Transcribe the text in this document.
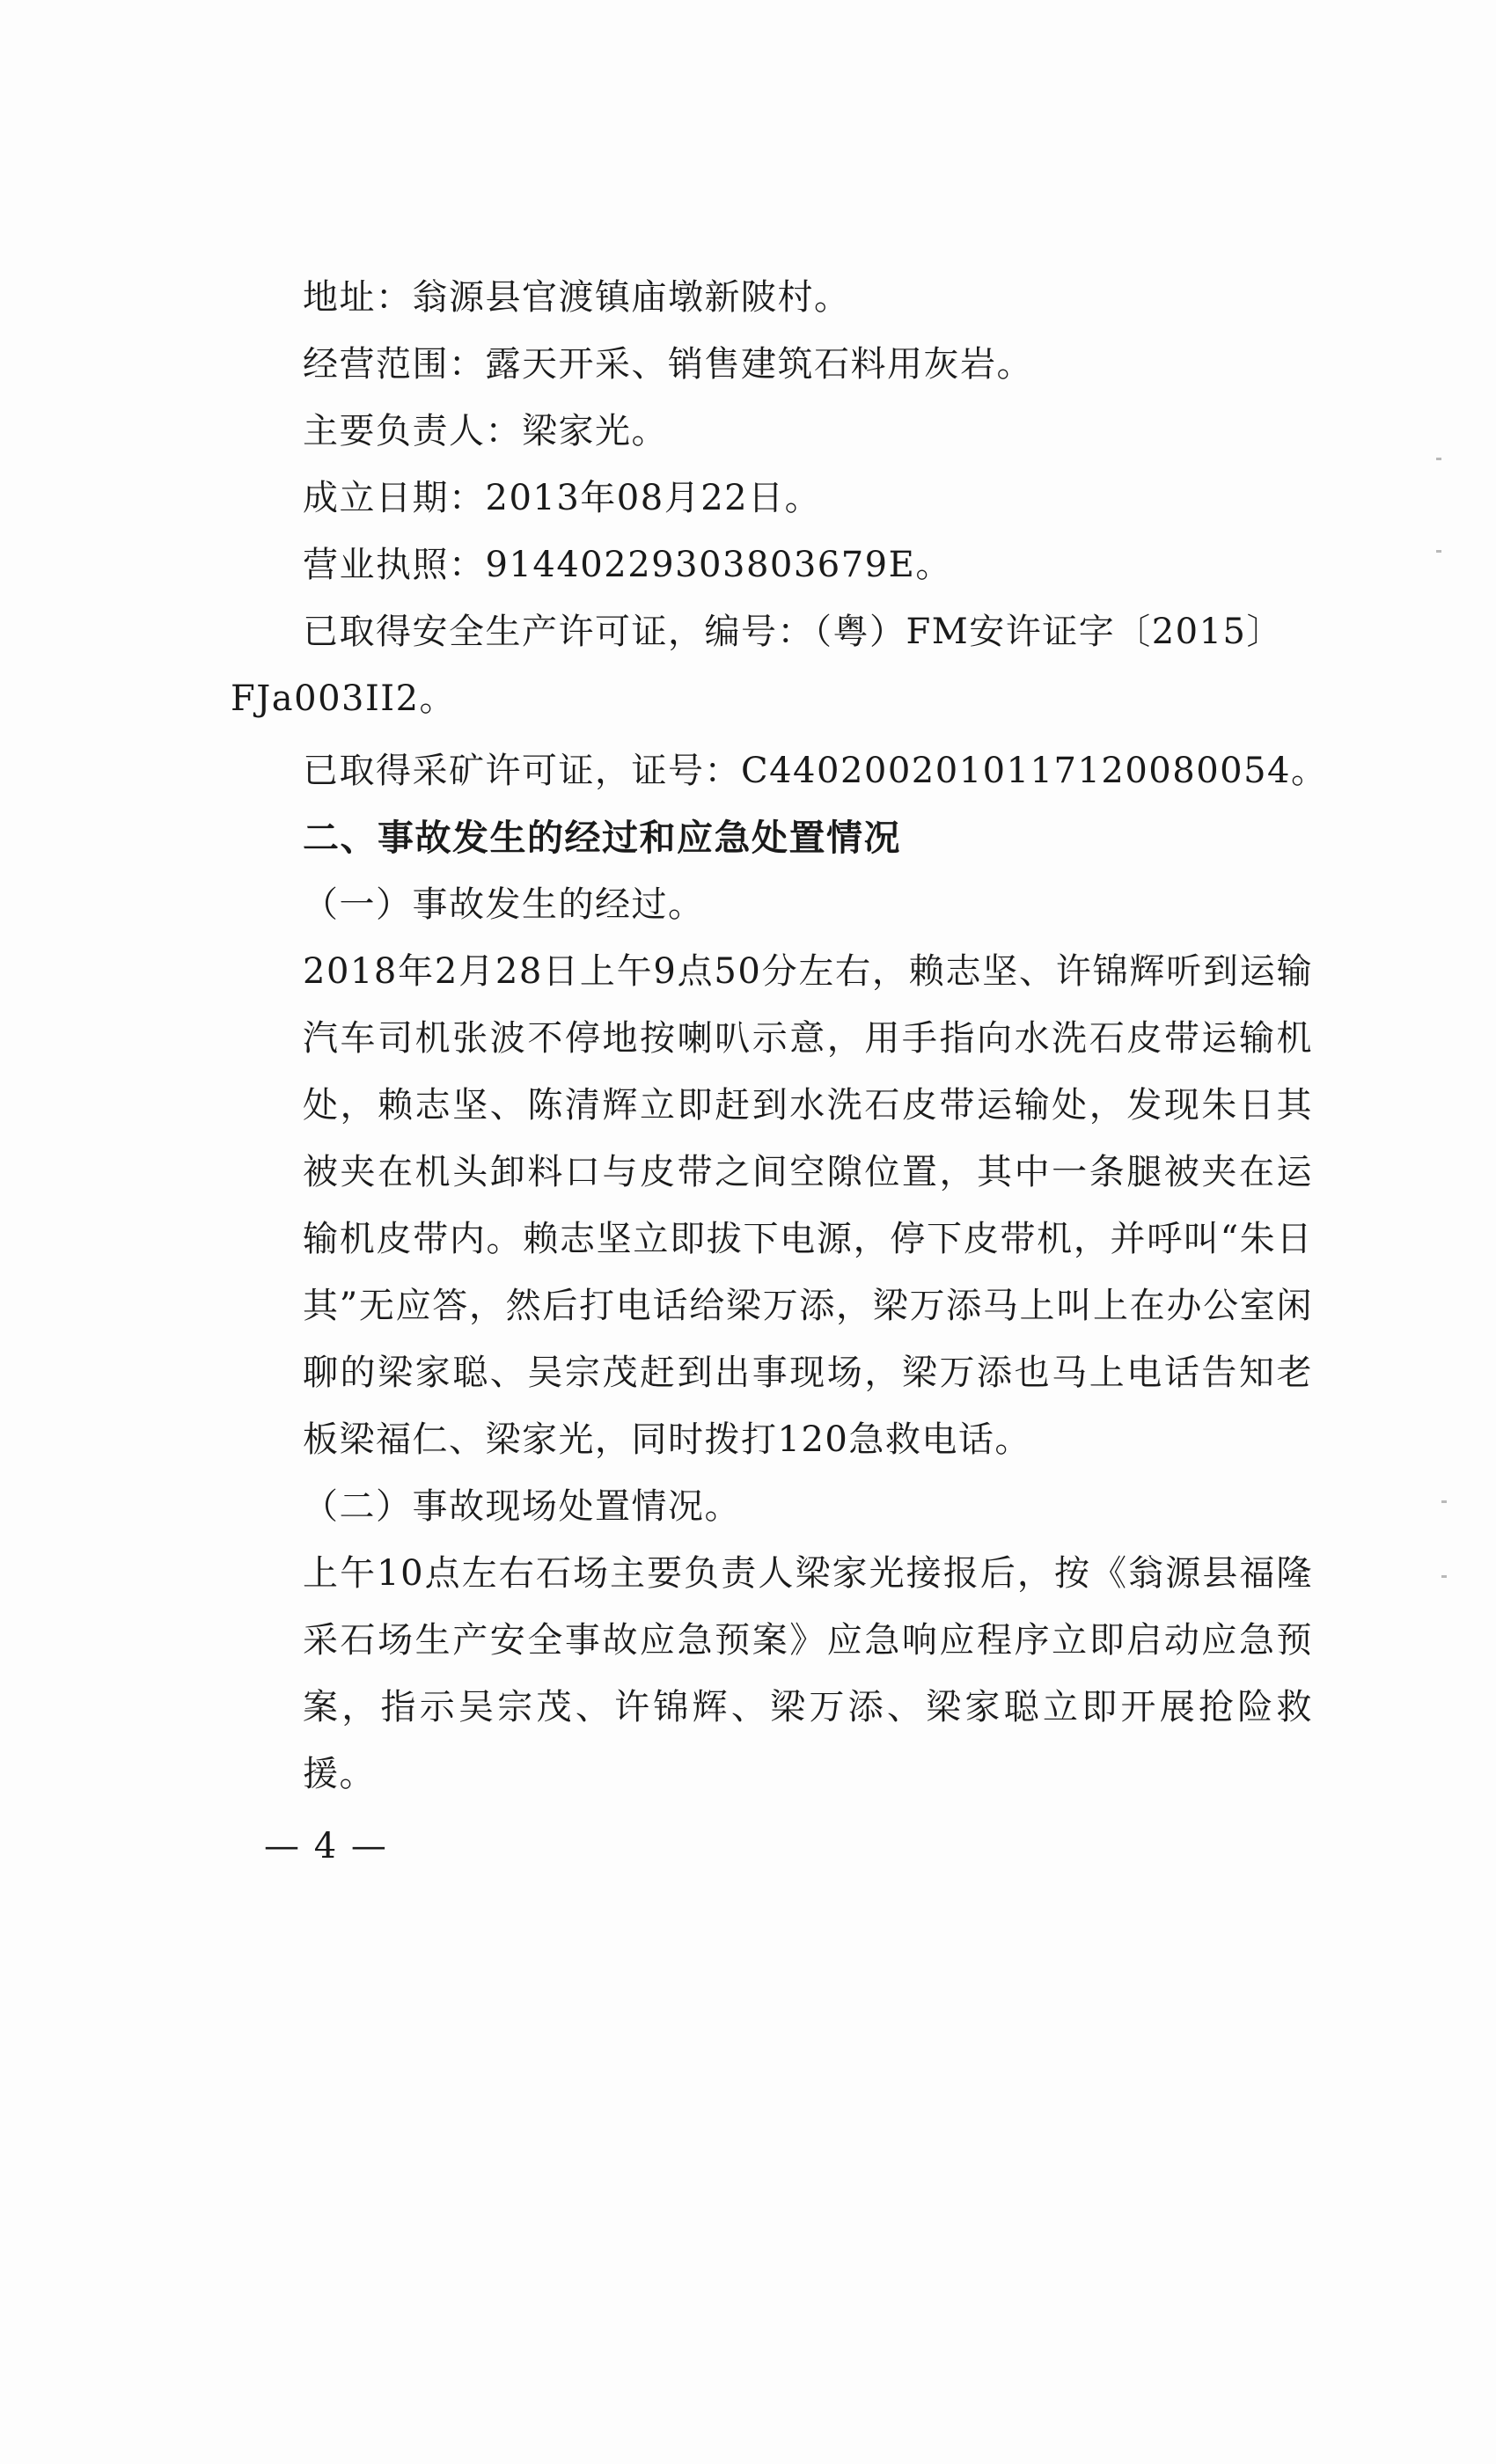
地址：翁源县官渡镇庙墩新陂村。

经营范围：露天开采、销售建筑石料用灰岩。

主要负责人：梁家光。

成立日期：2013年08月22日。

营业执照：91440229303803679E。

已取得安全生产许可证，编号：（粤）FM安许证字〔2015〕

FJa003II2。

已取得采矿许可证，证号：C4402002010117120080054。

二、事故发生的经过和应急处置情况

（一）事故发生的经过。

2018年2月28日上午9点50分左右，赖志坚、许锦辉听到运输汽车司机张波不停地按喇叭示意，用手指向水洗石皮带运输机处，赖志坚、陈清辉立即赶到水洗石皮带运输处，发现朱日其被夹在机头卸料口与皮带之间空隙位置，其中一条腿被夹在运输机皮带内。赖志坚立即拔下电源，停下皮带机，并呼叫“朱日其”无应答，然后打电话给梁万添，梁万添马上叫上在办公室闲聊的梁家聪、吴宗茂赶到出事现场，梁万添也马上电话告知老板梁福仁、梁家光，同时拨打120急救电话。

（二）事故现场处置情况。

上午10点左右石场主要负责人梁家光接报后，按《翁源县福隆采石场生产安全事故应急预案》应急响应程序立即启动应急预案，指示吴宗茂、许锦辉、梁万添、梁家聪立即开展抢险救援。

— 4 —
